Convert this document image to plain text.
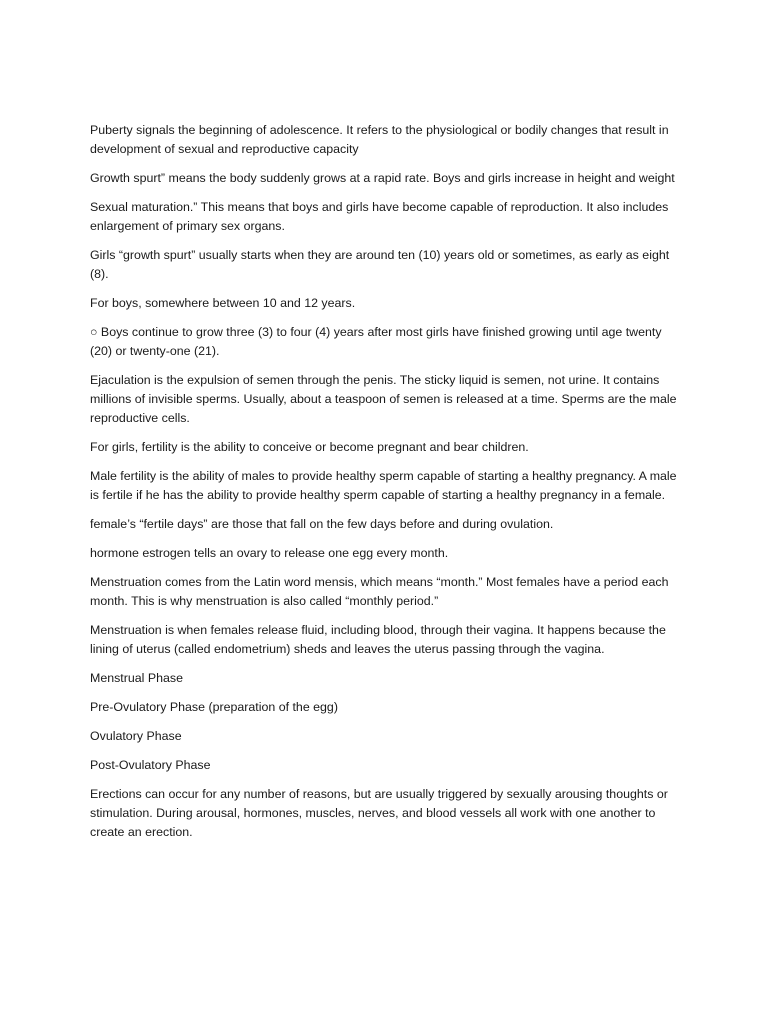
Puberty signals the beginning of adolescence. It refers to the physiological or bodily changes that result in development of sexual and reproductive capacity

Growth spurt” means the body suddenly grows at a rapid rate. Boys and girls increase in height and weight

Sexual maturation.” This means that boys and girls have become capable of reproduction. It also includes enlargement of primary sex organs.

Girls “growth spurt” usually starts when they are around ten (10) years old or sometimes, as early as eight (8).

For boys, somewhere between 10 and 12 years.

○ Boys continue to grow three (3) to four (4) years after most girls have finished growing until age twenty (20) or twenty-one (21).

Ejaculation is the expulsion of semen through the penis. The sticky liquid is semen, not urine. It contains millions of invisible sperms. Usually, about a teaspoon of semen is released at a time. Sperms are the male reproductive cells.

For girls, fertility is the ability to conceive or become pregnant and bear children.

Male fertility is the ability of males to provide healthy sperm capable of starting a healthy pregnancy. A male is fertile if he has the ability to provide healthy sperm capable of starting a healthy pregnancy in a female.

female’s “fertile days” are those that fall on the few days before and during ovulation.

hormone estrogen tells an ovary to release one egg every month.

Menstruation comes from the Latin word mensis, which means “month.” Most females have a period each month. This is why menstruation is also called “monthly period.”

Menstruation is when females release fluid, including blood, through their vagina. It happens because the lining of uterus (called endometrium) sheds and leaves the uterus passing through the vagina.

Menstrual Phase

Pre-Ovulatory Phase (preparation of the egg)

Ovulatory Phase

Post-Ovulatory Phase

Erections can occur for any number of reasons, but are usually triggered by sexually arousing thoughts or stimulation. During arousal, hormones, muscles, nerves, and blood vessels all work with one another to create an erection.
